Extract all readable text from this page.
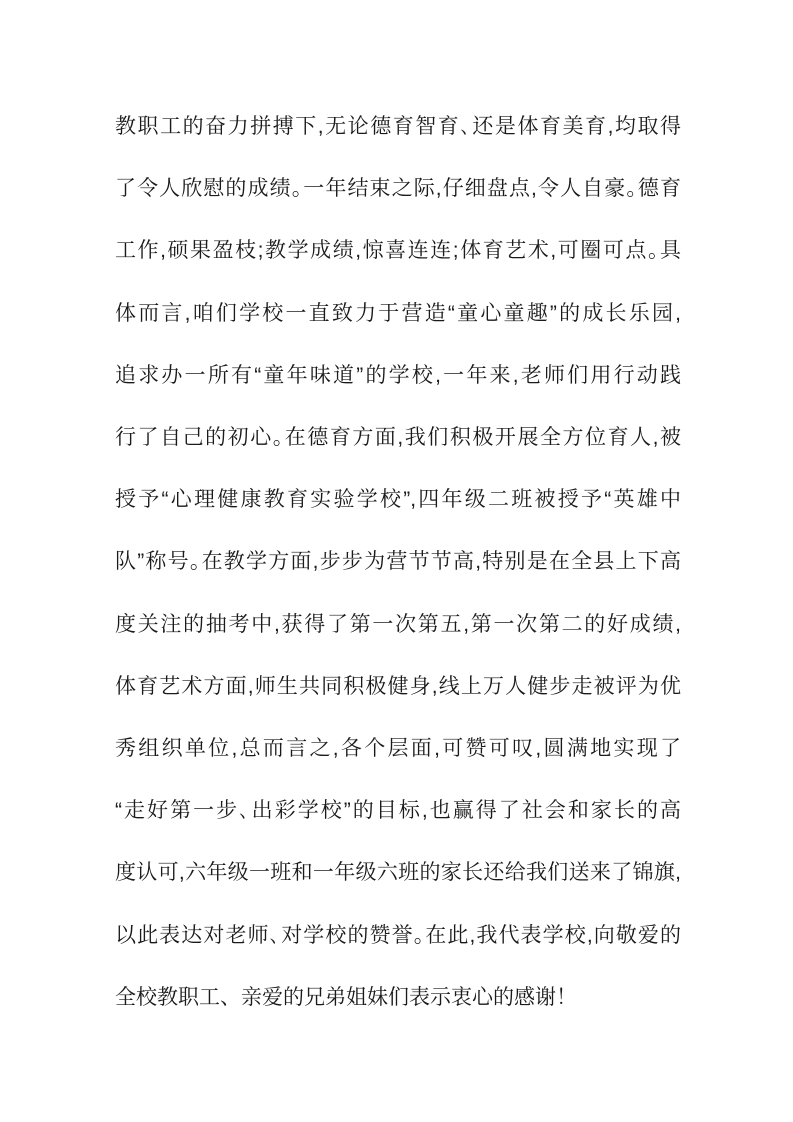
教职工的奋力拼搏下,无论德育智育､还是体育美育,均取得
了令人欣慰的成绩｡一年结束之际,仔细盘点,令人自豪｡德育
工作,硕果盈枝;教学成绩,惊喜连连;体育艺术,可圈可点｡具
体而言,咱们学校一直致力于营造“童心童趣”的成长乐园,
追求办一所有“童年味道”的学校,一年来,老师们用行动践
行了自己的初心｡在德育方面,我们积极开展全方位育人,被
授予“心理健康教育实验学校”,四年级二班被授予“英雄中
队”称号｡在教学方面,步步为营节节高,特别是在全县上下高
度关注的抽考中,获得了第一次第五,第一次第二的好成绩,
体育艺术方面,师生共同积极健身,线上万人健步走被评为优
秀组织单位,总而言之,各个层面,可赞可叹,圆满地实现了
“走好第一步､出彩学校”的目标,也赢得了社会和家长的高
度认可,六年级一班和一年级六班的家长还给我们送来了锦旗,
以此表达对老师､对学校的赞誉｡在此,我代表学校,向敬爱的
全校教职工、亲爱的兄弟姐妹们表示衷心的感谢！
